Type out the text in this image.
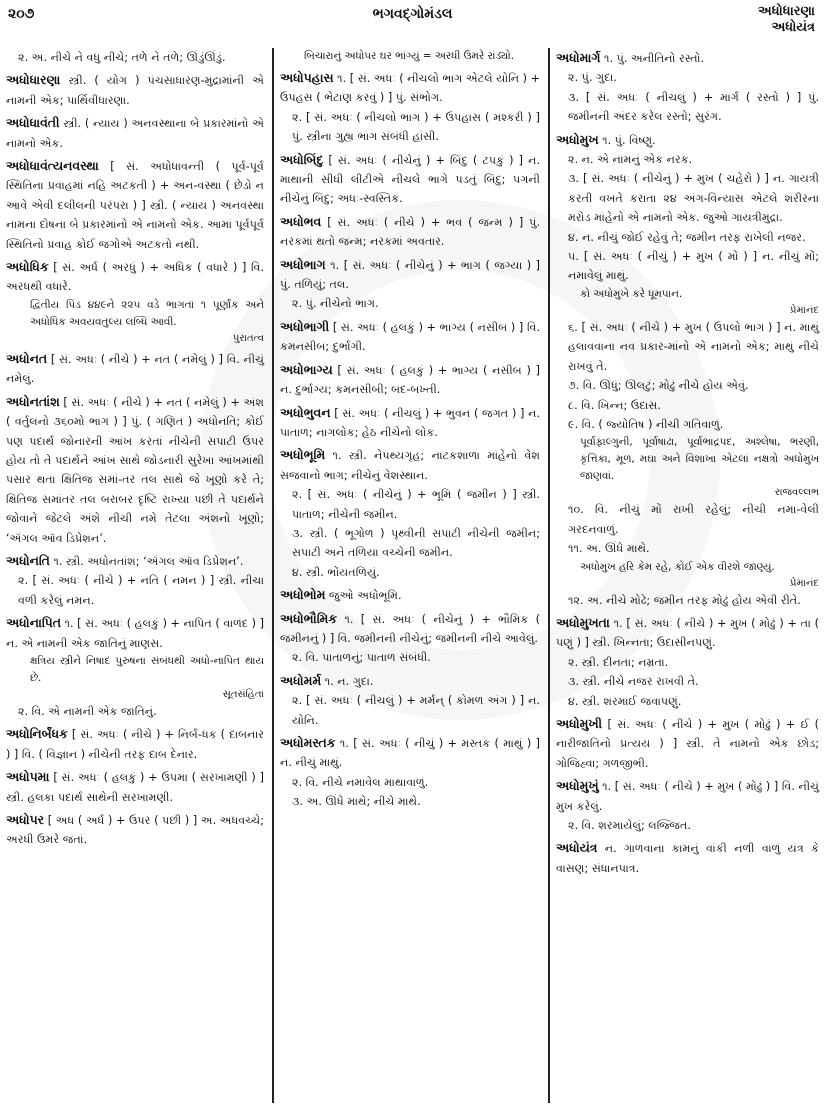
૨૦૭	ભગવદ્ગોમંડલ	અધોધારણા
અધોયંત્ર
૨. અ. નીચે ને વધુ નીચે; તળે ને તળે; ઊંડુંઊંડું.
અધોધારણા સ્ત્રી. ( યોગ ) પંચસાધારણ-મુદ્રામાંની એ નામની એક; પાર્થિવીધારણા.
અધોધાવંતી સ્ત્રી. ( ન્યાય ) અનવસ્થાના બે પ્રકારમાંનો એ નામનો એક.
અધોધાવંત્યનવસ્થા [ સં. અધોધાવન્તી ( પૂર્વ-પૂર્વ સ્થિતિના પ્રવાહમાં નહિ અટકતી ) + અન-વસ્થા ( છેડો ન આવે એવી દલીલની પરંપરા ) ] સ્ત્રી. ( ન્યાય ) અનવસ્થા નામના દોષના બે પ્રકારમાંનો એ નામનો એક. આમાં પૂર્વપૂર્વ સ્થિતિનો પ્રવાહ કોઈ જગોએ અટકતો નથી.
અધોધિક [ સં. અર્ધ ( અરધું ) + અધિક ( વધારે ) ] વિ. અરધથી વધારે.
દ્વિતીય પિંડ ૪૪૯ને ૨૨૫ વડે ભાગતાં ૧ પૂર્ણાંક અને અધોધિક અવયવતુલ્ય લબ્ધિ આવી.
પુરાતત્વ
અધોનત [ સં. અધઃ ( નીચે ) + નત ( નમેલું ) ] વિ. નીચું નમેલું.
અધોનતાંશ [ સં. અધઃ ( નીચે ) + નત ( નમેલું ) + અંશ ( વર્તુલનો ૩૬૦મો ભાગ ) ] પું. ( ગણિત ) અધોનતિ; કોઈ પણ પદાર્થ જોનારની આંખ કરતાં નીચેની સપાટી ઉપર હોય તો તે પદાર્થને આંખ સાથે જોડનારી સુરેખા આંખમાંથી પસાર થતા ક્ષિતિજ સમાં-તર તલ સાથે જે ખૂણો કરે તે; ક્ષિતિજ સમાંતર તલ બરાબર દૃષ્ટિ રાખ્યા પછી તે પદાર્થને જોવાને જેટલે અંશે નીચી નમે તેટલા અંશનો ખૂણો; ‘ઍંગલ ઑવ ડિપ્રેશન’.
અધોનતિ ૧. સ્ત્રી. અધોનતાંશ; ‘ઍંગલ ઑવ ડિપ્રેશન’.
૨. [ સં. અધઃ ( નીચે ) + નતિ ( નમન ) ] સ્ત્રી. નીચા વળી કરેલું નમન.
અધોનાપિત ૧. [ સં. અધઃ ( હલકું ) + નાપિત ( વાળંદ ) ] ન. એ નામની એક જાતિનું માણસ.
ક્ષત્રિય સ્ત્રીને નિષાદ પુરુષના સંબંધથી અધો-નાપિત થાય છે.
સૂતસંહિતા
૨. વિ. એ નામની એક જાતિનું.
અધોનિર્બંધક [ સં. અધઃ ( નીચે ) + નિર્બં-ધક ( દાબનાર ) ] વિ. ( વિજ્ઞાન ) નીચેની તરફ દાબ દેનાર.
અધોપમા [ સં. અધઃ ( હલકું ) + ઉપમા ( સરખામણી ) ] સ્ત્રી. હલકા પદાર્થ સાથેની સરખામણી.
અધોપર [ અધ ( અર્ધ ) + ઉપર ( પછી ) ] અ. અધવચ્ચે; અરધી ઉમરે જતાં.
બિચારાનું અધોપર ઘર ભાંગ્યું = અરધી ઉમરે રાંડ્યો.
અધોપહાસ ૧. [ સં. અધઃ ( નીચલો ભાગ એટલે યોનિ ) + ઉપહસ ( ભેટાણ કરવું ) ] પું. સંભોગ.
૨. [ સં. અધઃ ( નીચલો ભાગ ) + ઉપહાસ ( મશ્કરી ) ] પું. સ્ત્રીના ગુહ્ય ભાગ સંબંધી હાંસી.
અધોબિંદુ [ સં. અધઃ ( નીચેનું ) + બિંદુ ( ટપકું ) ] ન. માથાની સીધી લીટીએ નીચલે ભાગે પડતું બિંદુ; પગની નીચેનું બિંદુ; અધઃ-સ્વસ્તિક.
અધોભવ [ સં. અધઃ ( નીચે ) + ભવ ( જન્મ ) ] પું. નરકમાં થતો જન્મ; નરકમાં અવતાર.
અધોભાગ ૧. [ સં. અધઃ ( નીચેનું ) + ભાગ ( જગ્યા ) ] પું. તળિયું; તલ.
૨. પું. નીચેનો ભાગ.
અધોભાગી [ સં. અધઃ ( હલકું ) + ભાગ્ય ( નસીબ ) ] વિ. કમનસીબ; દુર્ભાગી.
અધોભાગ્ય [ સં. અધઃ ( હલકું ) + ભાગ્ય ( નસીબ ) ] ન. દુર્ભાગ્ય; કમનસીબી; બદ-બખ્તી.
અધોભુવન [ સં. અધઃ ( નીચલું ) + ભુવન ( જગત ) ] ન. પાતાળ; નાગલોક; હેઠ નીચેનો લોક.
અધોભૂમિ ૧. સ્ત્રી. નેપથ્યગૃહ; નાટકશાળા માંહેનો વેશ સજવાનો ભાગ; નીચેનું વેશસ્થાન.
૨. [ સં. અધઃ ( નીચેનું ) + ભૂમિ ( જમીન ) ] સ્ત્રી. પાતાળ; નીચેની જમીન.
૩. સ્ત્રી. ( ભૂગોળ ) પૃથ્વીની સપાટી નીચેની જમીન; સપાટી અને તળિયા વચ્ચેની જમીન.
૪. સ્ત્રી. ભોંયતળિયું.
અધોભોમ જુઓ અધોભૂમિ.
અધોભૌમિક ૧. [ સં. અધઃ ( નીચેનું ) + ભૌમિક ( જમીનનું ) ] વિ. જમીનની નીચેનું; જમીનની નીચે આવેલું.
૨. વિ. પાતાળનું; પાતાળ સંબંધી.
અધોમર્મ ૧. ન. ગુદા.
૨. [ સં. અધઃ ( નીચલું ) + મર્મન્ ( કોમળ અંગ ) ] ન. યોનિ.
અધોમસ્તક ૧. [ સં. અધઃ ( નીચું ) + મસ્તક ( માથું ) ] ન. નીચું માથું.
૨. વિ. નીચે નમાવેલ માથાવાળું.
૩. અ. ઊંધે માથે; નીચે માથે.
અધોમાર્ગ ૧. પું. અનીતિનો રસ્તો.
૨. પું. ગુદા.
૩. [ સં. અધઃ ( નીચલું ) + માર્ગ ( રસ્તો ) ] પું. જમીનની અંદર કરેલ રસ્તો; સુરંગ.
અધોમુખ ૧. પું. વિષ્ણુ.
૨. ન. એ નામનું એક નરક.
૩. [ સં. અધઃ ( નીચેનું ) + મુખ ( ચહેરો ) ] ન. ગાયત્રી કરતી વખતે કરાતા ૨૪ અંગ-વિન્યાસ એટલે શરીરના મરોડ માંહેનો એ નામનો એક. જુઓ ગાયત્રીમુદ્રા.
૪. ન. નીચું જોઈ રહેવું તે; જમીન તરફ રાખેલી નજર.
૫. [ સં. અધઃ ( નીચું ) + મુખ ( મોં ) ] ન. નીચું મોં; નમાવેલું માથું.
કો અધોમુખે કરે ધૂમપાન.
પ્રેમાનંદ
૬. [ સં. અધઃ ( નીચે ) + મુખ ( ઉપલો ભાગ ) ] ન. માથું હલાવવાના નવ પ્રકાર-માંનો એ નામનો એક; માથું નીચે રાખવું તે.
૭. વિ. ઊંધું; ઊલટું; મોઢું નીચે હોય એવું.
૮. વિ. ખિન્ન; ઉદાસ.
૯. વિ. ( જ્યોતિષ ) નીચી ગતિવાળું.
પૂર્વાફાલ્ગુની, પૂર્વાષાઢા, પૂર્વાભાદ્રપદ, અશ્લેષા, ભરણી, કૃત્તિકા, મૂળ, મઘા અને વિશાખા એટલાં નક્ષત્રો અધોમુખ જાણવાં.
રાજવલ્લભ
૧૦. વિ. નીચું મોં રાખી રહેલું; નીચી નમા-વેલી ગરદનવાળું.
૧૧. અ. ઊંધે માથે.
અધોમુખ હરિ કેમ રહે, કોઈ એક વીરશે જાણ્યું.
પ્રેમાનંદ
૧૨. અ. નીચે મોઢે; જમીન તરફ મોઢું હોય એવી રીતે.
અધોમુખતા ૧. [ સં. અધઃ ( નીચે ) + મુખ ( મોઢું ) + તા ( પણું ) ] સ્ત્રી. ખિન્નતા; ઉદાસીનપણું.
૨. સ્ત્રી. દીનતા; નમ્રતા.
૩. સ્ત્રી. નીચે નજર રાખવી તે.
૪. સ્ત્રી. શરમાઈ જવાપણું.
અધોમુખી [ સં. અધઃ ( નીચે ) + મુખ ( મોઢું ) + ઈ ( નારીજાતિનો પ્રત્યય ) ] સ્ત્રી. તે નામનો એક છોડ; ગોજિહ્વા; ગળજીભી.
અધોમુખું ૧. [ સં. અધઃ ( નીચે ) + મુખ ( મોઢું ) ] વિ. નીચું મુખ કરેલું.
૨. વિ. શરમાયેલું; લજ્જિત.
અધોયંત્ર ન. ગાળવાના કામનું વાંકી નળી વાળું યંત્ર કે વાસણ; સંધાનપાત્ર.
